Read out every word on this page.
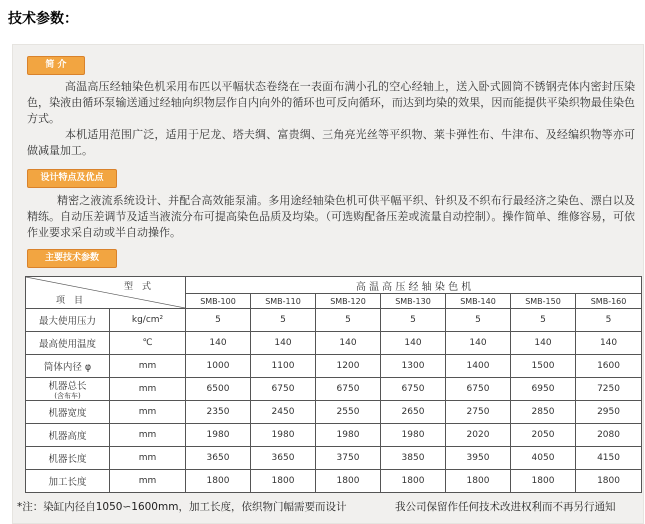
技术参数：
简 介
高温高压经轴染色机采用布匹以平幅状态卷绕在一表面布满小孔的空心经轴上，送入卧式圆筒不锈钢壳体内密封压染色，染液由循环泵输送通过经轴向织物层作自内向外的循环也可反向循环，而达到均染的效果，因而能提供平染织物最佳染色方式。
本机适用范围广泛，适用于尼龙、塔夫绸、富贵绸、三角亮光丝等平织物、莱卡弹性布、牛津布、及经编织物等亦可做减量加工。
设计特点及优点
精密之液流系统设计、并配合高效能泵浦。多用途经轴染色机可供平幅平织、针织及不织布行最经济之染色、漂白以及精练。自动压差调节及适当液流分布可提高染色品质及均染。（可选购配备压差或流量自动控制）。操作简单、维修容易，可依作业要求采自动或半自动操作。
主要技术参数
型　式
项　目		高 温 高 压 经 轴 染 色 机						
		SMB-100	SMB-110	SMB-120	SMB-130	SMB-140	SMB-150	SMB-160
最大使用压力	kg/cm²	5	5	5	5	5	5	5
最高使用温度	℃	140	140	140	140	140	140	140
筒体内径 φ	mm	1000	1100	1200	1300	1400	1500	1600
机器总长
(含布车)	mm	6500	6750	6750	6750	6750	6950	7250
机器宽度	mm	2350	2450	2550	2650	2750	2850	2950
机器高度	mm	1980	1980	1980	1980	2020	2050	2080
机器长度	mm	3650	3650	3750	3850	3950	4050	4150
加工长度	mm	1800	1800	1800	1800	1800	1800	1800
*注：染缸内径自1050∽1600mm，加工长度，依织物门幅需要而设计	我公司保留作任何技术改进权利而不再另行通知
